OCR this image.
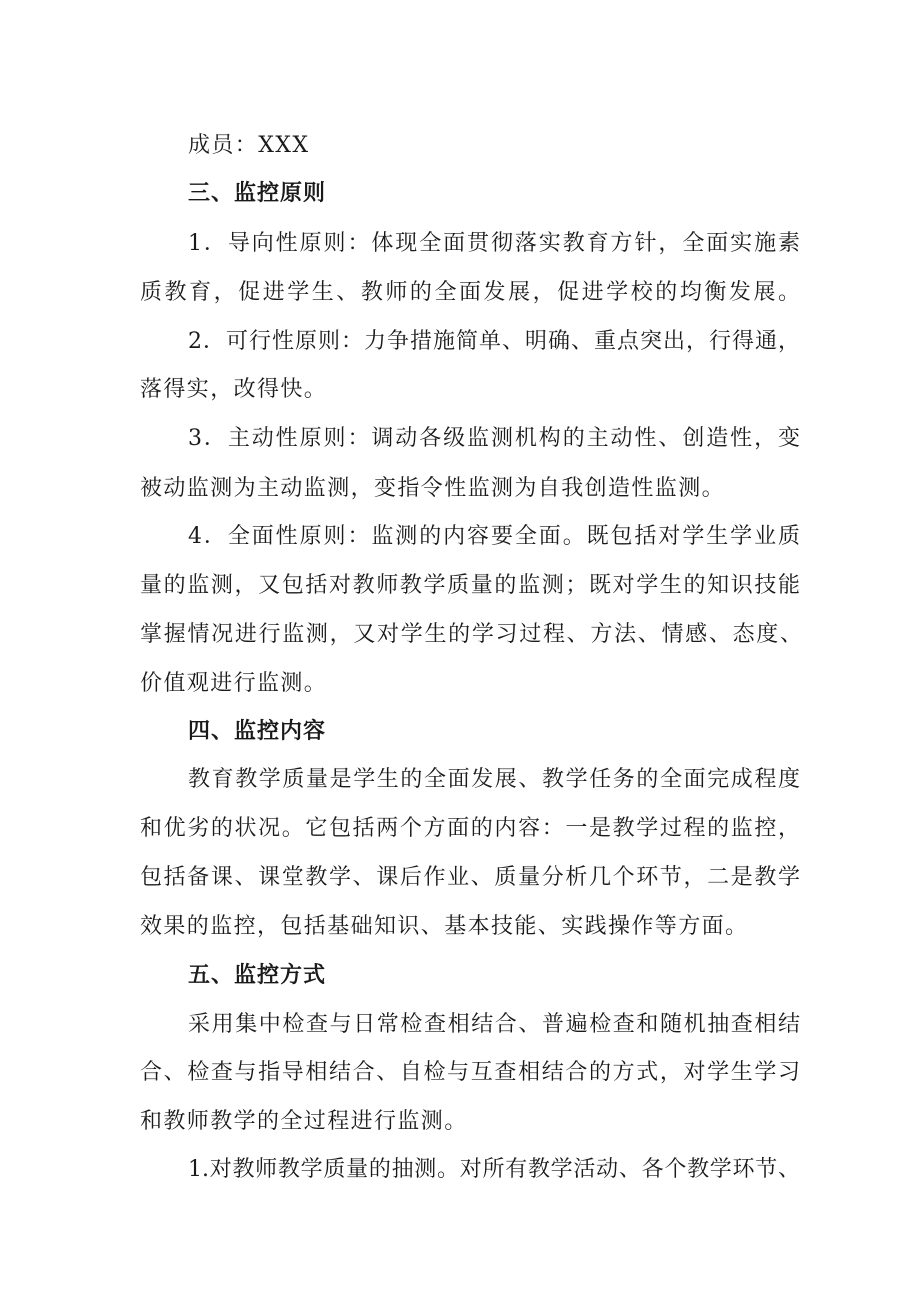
成员：XXX
三、监控原则
1．导向性原则：体现全面贯彻落实教育方针，全面实施素
质教育，促进学生、教师的全面发展，促进学校的均衡发展。
2．可行性原则：力争措施简单、明确、重点突出，行得通，
落得实，改得快。
3．主动性原则：调动各级监测机构的主动性、创造性，变
被动监测为主动监测，变指令性监测为自我创造性监测。
4．全面性原则：监测的内容要全面。既包括对学生学业质
量的监测，又包括对教师教学质量的监测；既对学生的知识技能
掌握情况进行监测，又对学生的学习过程、方法、情感、态度、
价值观进行监测。
四、监控内容
教育教学质量是学生的全面发展、教学任务的全面完成程度
和优劣的状况。它包括两个方面的内容：一是教学过程的监控，
包括备课、课堂教学、课后作业、质量分析几个环节，二是教学
效果的监控，包括基础知识、基本技能、实践操作等方面。
五、监控方式
采用集中检查与日常检查相结合、普遍检查和随机抽查相结
合、检查与指导相结合、自检与互查相结合的方式，对学生学习
和教师教学的全过程进行监测。
1.对教师教学质量的抽测。对所有教学活动、各个教学环节、
